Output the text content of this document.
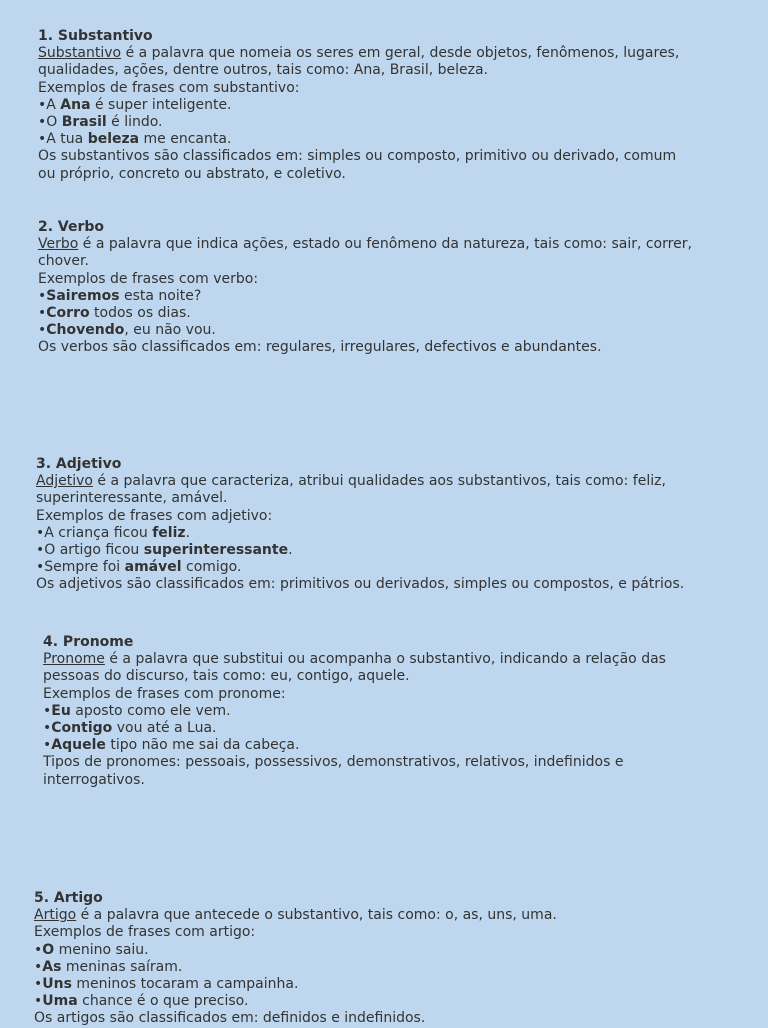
1. Substantivo
Substantivo é a palavra que nomeia os seres em geral, desde objetos, fenômenos, lugares,
qualidades, ações, dentre outros, tais como: Ana, Brasil, beleza.
Exemplos de frases com substantivo:
•A Ana é super inteligente.
•O Brasil é lindo.
•A tua beleza me encanta.
Os substantivos são classificados em: simples ou composto, primitivo ou derivado, comum
ou próprio, concreto ou abstrato, e coletivo.
2. Verbo
Verbo é a palavra que indica ações, estado ou fenômeno da natureza, tais como: sair, correr,
chover.
Exemplos de frases com verbo:
•Sairemos esta noite?
•Corro todos os dias.
•Chovendo, eu não vou.
Os verbos são classificados em: regulares, irregulares, defectivos e abundantes.
3. Adjetivo
Adjetivo é a palavra que caracteriza, atribui qualidades aos substantivos, tais como: feliz,
superinteressante, amável.
Exemplos de frases com adjetivo:
•A criança ficou feliz.
•O artigo ficou superinteressante.
•Sempre foi amável comigo.
Os adjetivos são classificados em: primitivos ou derivados, simples ou compostos, e pátrios.
4. Pronome
Pronome é a palavra que substitui ou acompanha o substantivo, indicando a relação das
pessoas do discurso, tais como: eu, contigo, aquele.
Exemplos de frases com pronome:
•Eu aposto como ele vem.
•Contigo vou até a Lua.
•Aquele tipo não me sai da cabeça.
Tipos de pronomes: pessoais, possessivos, demonstrativos, relativos, indefinidos e
interrogativos.
5. Artigo
Artigo é a palavra que antecede o substantivo, tais como: o, as, uns, uma.
Exemplos de frases com artigo:
•O menino saiu.
•As meninas saíram.
•Uns meninos tocaram a campainha.
•Uma chance é o que preciso.
Os artigos são classificados em: definidos e indefinidos.
